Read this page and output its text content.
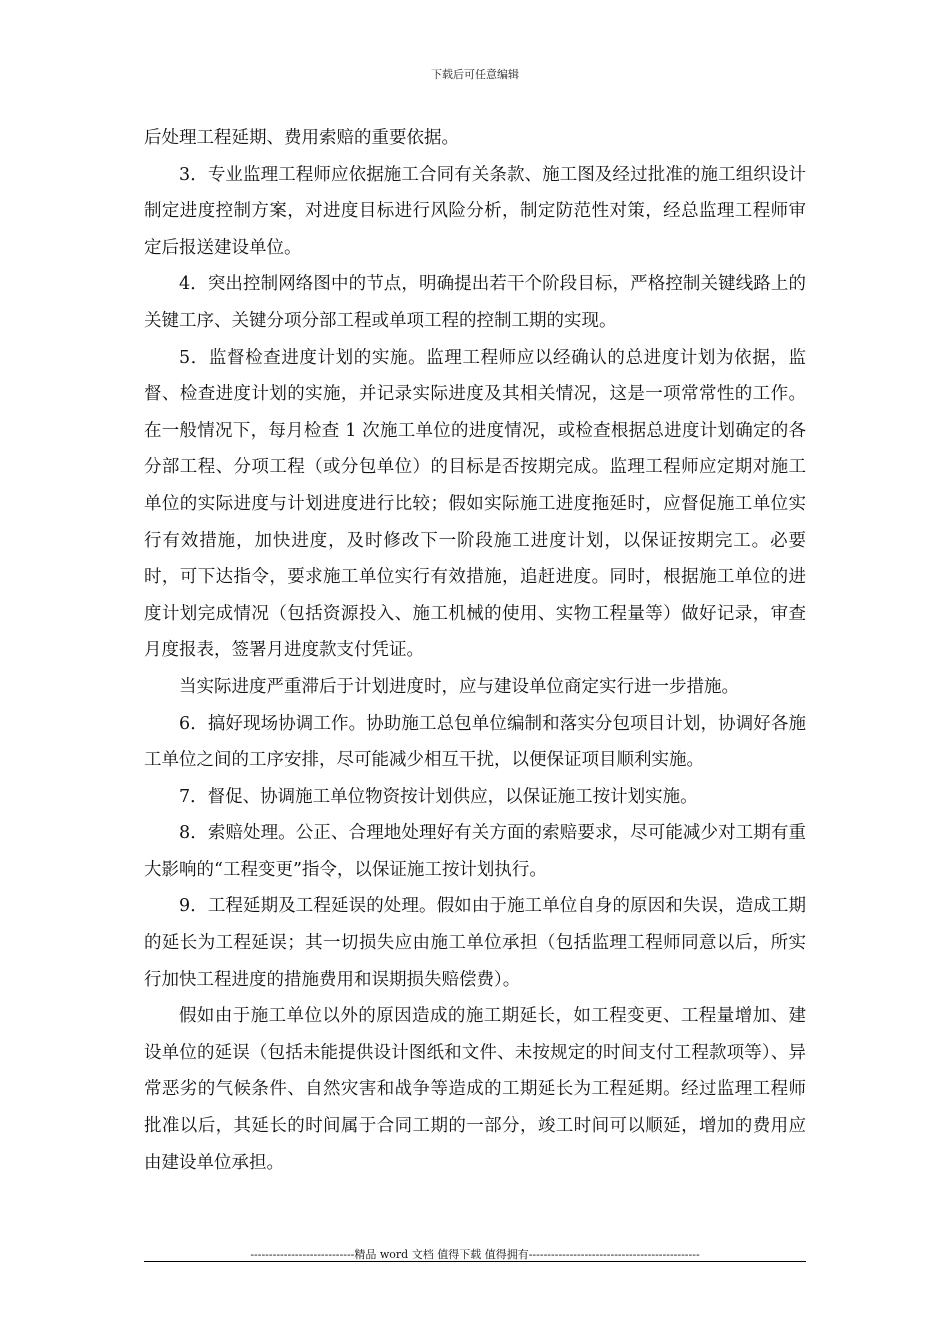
下载后可任意编辑

后处理工程延期、费用索赔的重要依据。

3．专业监理工程师应依据施工合同有关条款、施工图及经过批准的施工组织设计制定进度控制方案，对进度目标进行风险分析，制定防范性对策，经总监理工程师审定后报送建设单位。

4．突出控制网络图中的节点，明确提出若干个阶段目标，严格控制关键线路上的关键工序、关键分项分部工程或单项工程的控制工期的实现。

5．监督检查进度计划的实施。监理工程师应以经确认的总进度计划为依据，监督、检查进度计划的实施，并记录实际进度及其相关情况，这是一项常常性的工作。在一般情况下，每月检查 1 次施工单位的进度情况，或检查根据总进度计划确定的各分部工程、分项工程（或分包单位）的目标是否按期完成。监理工程师应定期对施工单位的实际进度与计划进度进行比较；假如实际施工进度拖延时，应督促施工单位实行有效措施，加快进度，及时修改下一阶段施工进度计划，以保证按期完工。必要时，可下达指令，要求施工单位实行有效措施，追赶进度。同时，根据施工单位的进度计划完成情况（包括资源投入、施工机械的使用、实物工程量等）做好记录，审查月度报表，签署月进度款支付凭证。

当实际进度严重滞后于计划进度时，应与建设单位商定实行进一步措施。

6．搞好现场协调工作。协助施工总包单位编制和落实分包项目计划，协调好各施工单位之间的工序安排，尽可能减少相互干扰，以便保证项目顺利实施。

7．督促、协调施工单位物资按计划供应，以保证施工按计划实施。

8．索赔处理。公正、合理地处理好有关方面的索赔要求，尽可能减少对工期有重大影响的“工程变更”指令，以保证施工按计划执行。

9．工程延期及工程延误的处理。假如由于施工单位自身的原因和失误，造成工期的延长为工程延误；其一切损失应由施工单位承担（包括监理工程师同意以后，所实行加快工程进度的措施费用和误期损失赔偿费）。

假如由于施工单位以外的原因造成的施工期延长，如工程变更、工程量增加、建设单位的延误（包括未能提供设计图纸和文件、未按规定的时间支付工程款项等）、异常恶劣的气候条件、自然灾害和战争等造成的工期延长为工程延期。经过监理工程师批准以后，其延长的时间属于合同工期的一部分，竣工时间可以顺延，增加的费用应由建设单位承担。

----------------------------精品 word 文档 值得下载 值得拥有----------------------------------------------
